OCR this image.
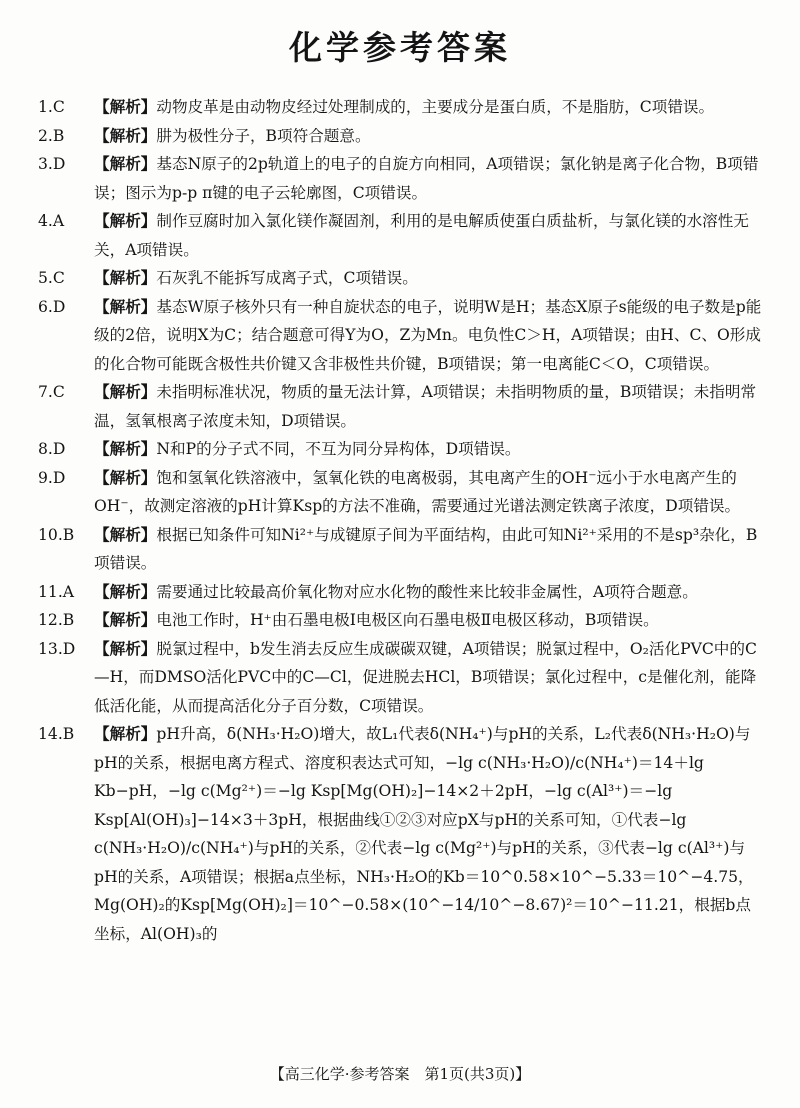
化学参考答案

1.C	【解析】动物皮革是由动物皮经过处理制成的，主要成分是蛋白质，不是脂肪，C项错误。

2.B	【解析】肼为极性分子，B项符合题意。

3.D	【解析】基态N原子的2p轨道上的电子的自旋方向相同，A项错误；氯化钠是离子化合物，B项错误；图示为p-p π键的电子云轮廓图，C项错误。

4.A	【解析】制作豆腐时加入氯化镁作凝固剂，利用的是电解质使蛋白质盐析，与氯化镁的水溶性无关，A项错误。

5.C	【解析】石灰乳不能拆写成离子式，C项错误。

6.D	【解析】基态W原子核外只有一种自旋状态的电子，说明W是H；基态X原子s能级的电子数是p能级的2倍，说明X为C；结合题意可得Y为O，Z为Mn。电负性C＞H，A项错误；由H、C、O形成的化合物可能既含极性共价键又含非极性共价键，B项错误；第一电离能C＜O，C项错误。

7.C	【解析】未指明标准状况，物质的量无法计算，A项错误；未指明物质的量，B项错误；未指明常温，氢氧根离子浓度未知，D项错误。

8.D	【解析】N和P的分子式不同，不互为同分异构体，D项错误。

9.D	【解析】饱和氢氧化铁溶液中，氢氧化铁的电离极弱，其电离产生的OH⁻远小于水电离产生的OH⁻，故测定溶液的pH计算Ksp的方法不准确，需要通过光谱法测定铁离子浓度，D项错误。

10.B	【解析】根据已知条件可知Ni²⁺与成键原子间为平面结构，由此可知Ni²⁺采用的不是sp³杂化，B项错误。

11.A	【解析】需要通过比较最高价氧化物对应水化物的酸性来比较非金属性，A项符合题意。

12.B	【解析】电池工作时，H⁺由石墨电极Ⅰ电极区向石墨电极Ⅱ电极区移动，B项错误。

13.D	【解析】脱氯过程中，b发生消去反应生成碳碳双键，A项错误；脱氯过程中，O₂活化PVC中的C—H，而DMSO活化PVC中的C—Cl，促进脱去HCl，B项错误；氯化过程中，c是催化剂，能降低活化能，从而提高活化分子百分数，C项错误。

14.B	【解析】pH升高，δ(NH₃·H₂O)增大，故L₁代表δ(NH₄⁺)与pH的关系，L₂代表δ(NH₃·H₂O)与pH的关系，根据电离方程式、溶度积表达式可知，−lg c(NH₃·H₂O)/c(NH₄⁺)＝14＋lg Kb−pH，−lg c(Mg²⁺)＝−lg Ksp[Mg(OH)₂]−14×2＋2pH，−lg c(Al³⁺)＝−lg Ksp[Al(OH)₃]−14×3＋3pH，根据曲线①②③对应pX与pH的关系可知，①代表−lg c(NH₃·H₂O)/c(NH₄⁺)与pH的关系，②代表−lg c(Mg²⁺)与pH的关系，③代表−lg c(Al³⁺)与pH的关系，A项错误；根据a点坐标，NH₃·H₂O的Kb＝10^0.58×10^−5.33＝10^−4.75，Mg(OH)₂的Ksp[Mg(OH)₂]＝10^−0.58×(10^−14/10^−8.67)²＝10^−11.21，根据b点坐标，Al(OH)₃的

【高三化学·参考答案　第1页(共3页)】
